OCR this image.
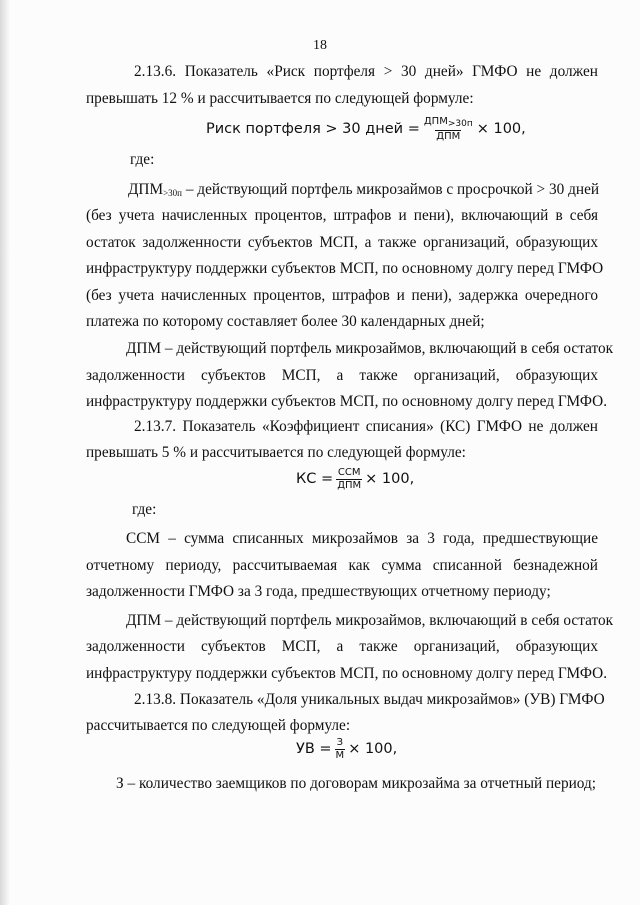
18
2.13.6. Показатель «Риск портфеля > 30 дней» ГМФО не должен
превышать 12 % и рассчитывается по следующей формуле:
Риск портфеля > 30 дней = $\frac{ДПМ_{>30п}}{\text{ДПМ}} \times 100$,
где:
$ДПМ_{>30п}$ – действующий портфель микрозаймов с просрочкой > 30 дней
(без учета начисленных процентов, штрафов и пени), включающий в себя
остаток задолженности субъектов МСП, а также организаций, образующих
инфраструктуру поддержки субъектов МСП, по основному долгу перед ГМФО
(без учета начисленных процентов, штрафов и пени), задержка очередного
платежа по которому составляет более 30 календарных дней;
ДПМ – действующий портфель микрозаймов, включающий в себя остаток
задолженности субъектов МСП, а также организаций, образующих
инфраструктуру поддержки субъектов МСП, по основному долгу перед ГМФО.
2.13.7. Показатель «Коэффициент списания» (КС) ГМФО не должен
превышать 5 % и рассчитывается по следующей формуле:
КС = $\frac{\text{ССМ}}{\text{ДПМ}} \times 100$,
где:
ССМ – сумма списанных микрозаймов за 3 года, предшествующие
отчетному периоду, рассчитываемая как сумма списанной безнадежной
задолженности ГМФО за 3 года, предшествующих отчетному периоду;
ДПМ – действующий портфель микрозаймов, включающий в себя остаток
задолженности субъектов МСП, а также организаций, образующих
инфраструктуру поддержки субъектов МСП, по основному долгу перед ГМФО.
2.13.8. Показатель «Доля уникальных выдач микрозаймов» (УВ) ГМФО
рассчитывается по следующей формуле:
УВ = $\frac{З}{М} \times 100$,
З – количество заемщиков по договорам микрозайма за отчетный период;
